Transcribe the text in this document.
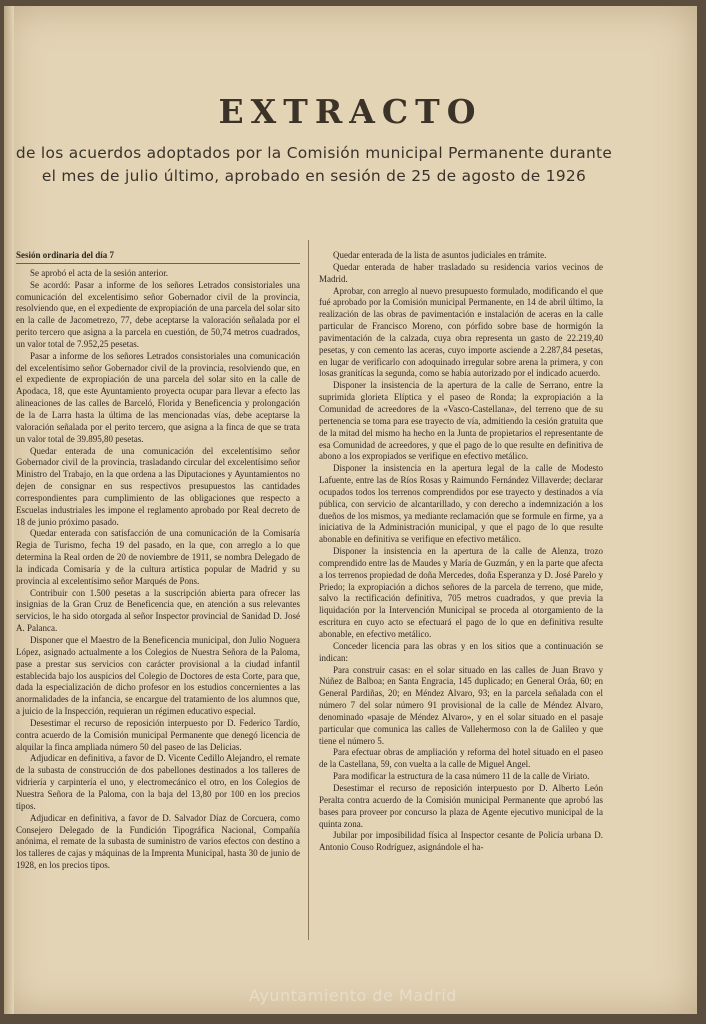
EXTRACTO
de los acuerdos adoptados por la Comisión municipal Permanente durante el mes de julio último, aprobado en sesión de 25 de agosto de 1926
Sesión ordinaria del día 7

Se aprobó el acta de la sesión anterior.

Se acordó: Pasar a informe de los señores Letrados consistoriales una comunicación del excelentísimo señor Gobernador civil de la provincia, resolviendo que, en el expediente de expropiación de una parcela del solar sito en la calle de Jacometrezo, 77, debe aceptarse la valoración señalada por el perito tercero que asigna a la parcela en cuestión, de 50,74 metros cuadrados, un valor total de 7.952,25 pesetas.

Pasar a informe de los señores Letrados consistoriales una comunicación del excelentísimo señor Gobernador civil de la provincia, resolviendo que, en el expediente de expropiación de una parcela del solar sito en la calle de Apodaca, 18, que este Ayuntamiento proyecta ocupar para llevar a efecto las alineaciones de las calles de Barceló, Florida y Beneficencia y prolongación de la de Larra hasta la última de las mencionadas vías, debe aceptarse la valoración señalada por el perito tercero, que asigna a la finca de que se trata un valor total de 39.895,80 pesetas.

Quedar enterada de una comunicación del excelentísimo señor Gobernador civil de la provincia, trasladando circular del excelentísimo señor Ministro del Trabajo, en la que ordena a las Diputaciones y Ayuntamientos no dejen de consignar en sus respectivos presupuestos las cantidades correspondientes para cumplimiento de las obligaciones que respecto a Escuelas industriales les impone el reglamento aprobado por Real decreto de 18 de junio próximo pasado.

Quedar enterada con satisfacción de una comunicación de la Comisaría Regia de Turismo, fecha 19 del pasado, en la que, con arreglo a lo que determina la Real orden de 20 de noviembre de 1911, se nombra Delegado de la indicada Comisaría y de la cultura artística popular de Madrid y su provincia al excelentísimo señor Marqués de Pons.

Contribuir con 1.500 pesetas a la suscripción abierta para ofrecer las insignias de la Gran Cruz de Beneficencia que, en atención a sus relevantes servicios, le ha sido otorgada al señor Inspector provincial de Sanidad D. José A. Palanca.

Disponer que el Maestro de la Beneficencia municipal, don Julio Noguera López, asignado actualmente a los Colegios de Nuestra Señora de la Paloma, pase a prestar sus servicios con carácter provisional a la ciudad infantil establecida bajo los auspicios del Colegio de Doctores de esta Corte, para que, dada la especialización de dicho profesor en los estudios concernientes a las anormalidades de la infancia, se encargue del tratamiento de los alumnos que, a juicio de la Inspección, requieran un régimen educativo especial.

Desestimar el recurso de reposición interpuesto por D. Federico Tardío, contra acuerdo de la Comisión municipal Permanente que denegó licencia de alquilar la finca ampliada número 50 del paseo de las Delicias.

Adjudicar en definitiva, a favor de D. Vicente Cedillo Alejandro, el remate de la subasta de construcción de dos pabellones destinados a los talleres de vidriería y carpintería el uno, y electromecánico el otro, en los Colegios de Nuestra Señora de la Paloma, con la baja del 13,80 por 100 en los precios tipos.

Adjudicar en definitiva, a favor de D. Salvador Díaz de Corcuera, como Consejero Delegado de la Fundición Tipográfica Nacional, Compañía anónima, el remate de la subasta de suministro de varios efectos con destino a los talleres de cajas y máquinas de la Imprenta Municipal, hasta 30 de junio de 1928, en los precios tipos.

Quedar enterada de la lista de asuntos judiciales en trámite.

Quedar enterada de haber trasladado su residencia varios vecinos de Madrid.

Aprobar, con arreglo al nuevo presupuesto formulado, modificando el que fué aprobado por la Comisión municipal Permanente, en 14 de abril último, la realización de las obras de pavimentación e instalación de aceras en la calle particular de Francisco Moreno, con pórfido sobre base de hormigón la pavimentación de la calzada, cuya obra representa un gasto de 22.219,40 pesetas, y con cemento las aceras, cuyo importe asciende a 2.287,84 pesetas, en lugar de verificarlo con adoquinado irregular sobre arena la primera, y con losas granitícas la segunda, como se había autorizado por el indicado acuerdo.

Disponer la insistencia de la apertura de la calle de Serrano, entre la suprimida glorieta Elíptica y el paseo de Ronda; la expropiación a la Comunidad de acreedores de la «Vasco-Castellana», del terreno que de su pertenencia se toma para ese trayecto de vía, admitiendo la cesión gratuita que de la mitad del mismo ha hecho en la Junta de propietarios el representante de esa Comunidad de acreedores, y que el pago de lo que resulte en definitiva de abono a los expropiados se verifique en efectivo metálico.

Disponer la insistencia en la apertura legal de la calle de Modesto Lafuente, entre las de Ríos Rosas y Raimundo Fernández Villaverde; declarar ocupados todos los terrenos comprendidos por ese trayecto y destinados a vía pública, con servicio de alcantarillado, y con derecho a indemnización a los dueños de los mismos, ya mediante reclamación que se formule en firme, ya a iniciativa de la Administración municipal, y que el pago de lo que resulte abonable en definitiva se verifique en efectivo metálico.

Disponer la insistencia en la apertura de la calle de Alenza, trozo comprendido entre las de Maudes y María de Guzmán, y en la parte que afecta a los terrenos propiedad de doña Mercedes, doña Esperanza y D. José Parelo y Priedo; la expropiación a dichos señores de la parcela de terreno, que mide, salvo la rectificación definitiva, 705 metros cuadrados, y que previa la liquidación por la Intervención Municipal se proceda al otorgamiento de la escritura en cuyo acto se efectuará el pago de lo que en definitiva resulte abonable, en efectivo metálico.

Conceder licencia para las obras y en los sitios que a continuación se indican:

Para construir casas: en el solar situado en las calles de Juan Bravo y Núñez de Balboa; en Santa Engracia, 145 duplicado; en General Oráa, 60; en General Pardiñas, 20; en Méndez Alvaro, 93; en la parcela señalada con el número 7 del solar número 91 provisional de la calle de Méndez Alvaro, denominado «pasaje de Méndez Alvaro», y en el solar situado en el pasaje particular que comunica las calles de Vallehermoso con la de Galileo y que tiene el número 5.

Para efectuar obras de ampliación y reforma del hotel situado en el paseo de la Castellana, 59, con vuelta a la calle de Miguel Angel.

Para modificar la estructura de la casa número 11 de la calle de Viriato.

Desestimar el recurso de reposición interpuesto por D. Alberto León Peralta contra acuerdo de la Comisión municipal Permanente que aprobó las bases para proveer por concurso la plaza de Agente ejecutivo municipal de la quinta zona.

Jubilar por imposibilidad física al Inspector cesante de Policía urbana D. Antonio Couso Rodríguez, asignándole el ha-

Ayuntamiento de Madrid
